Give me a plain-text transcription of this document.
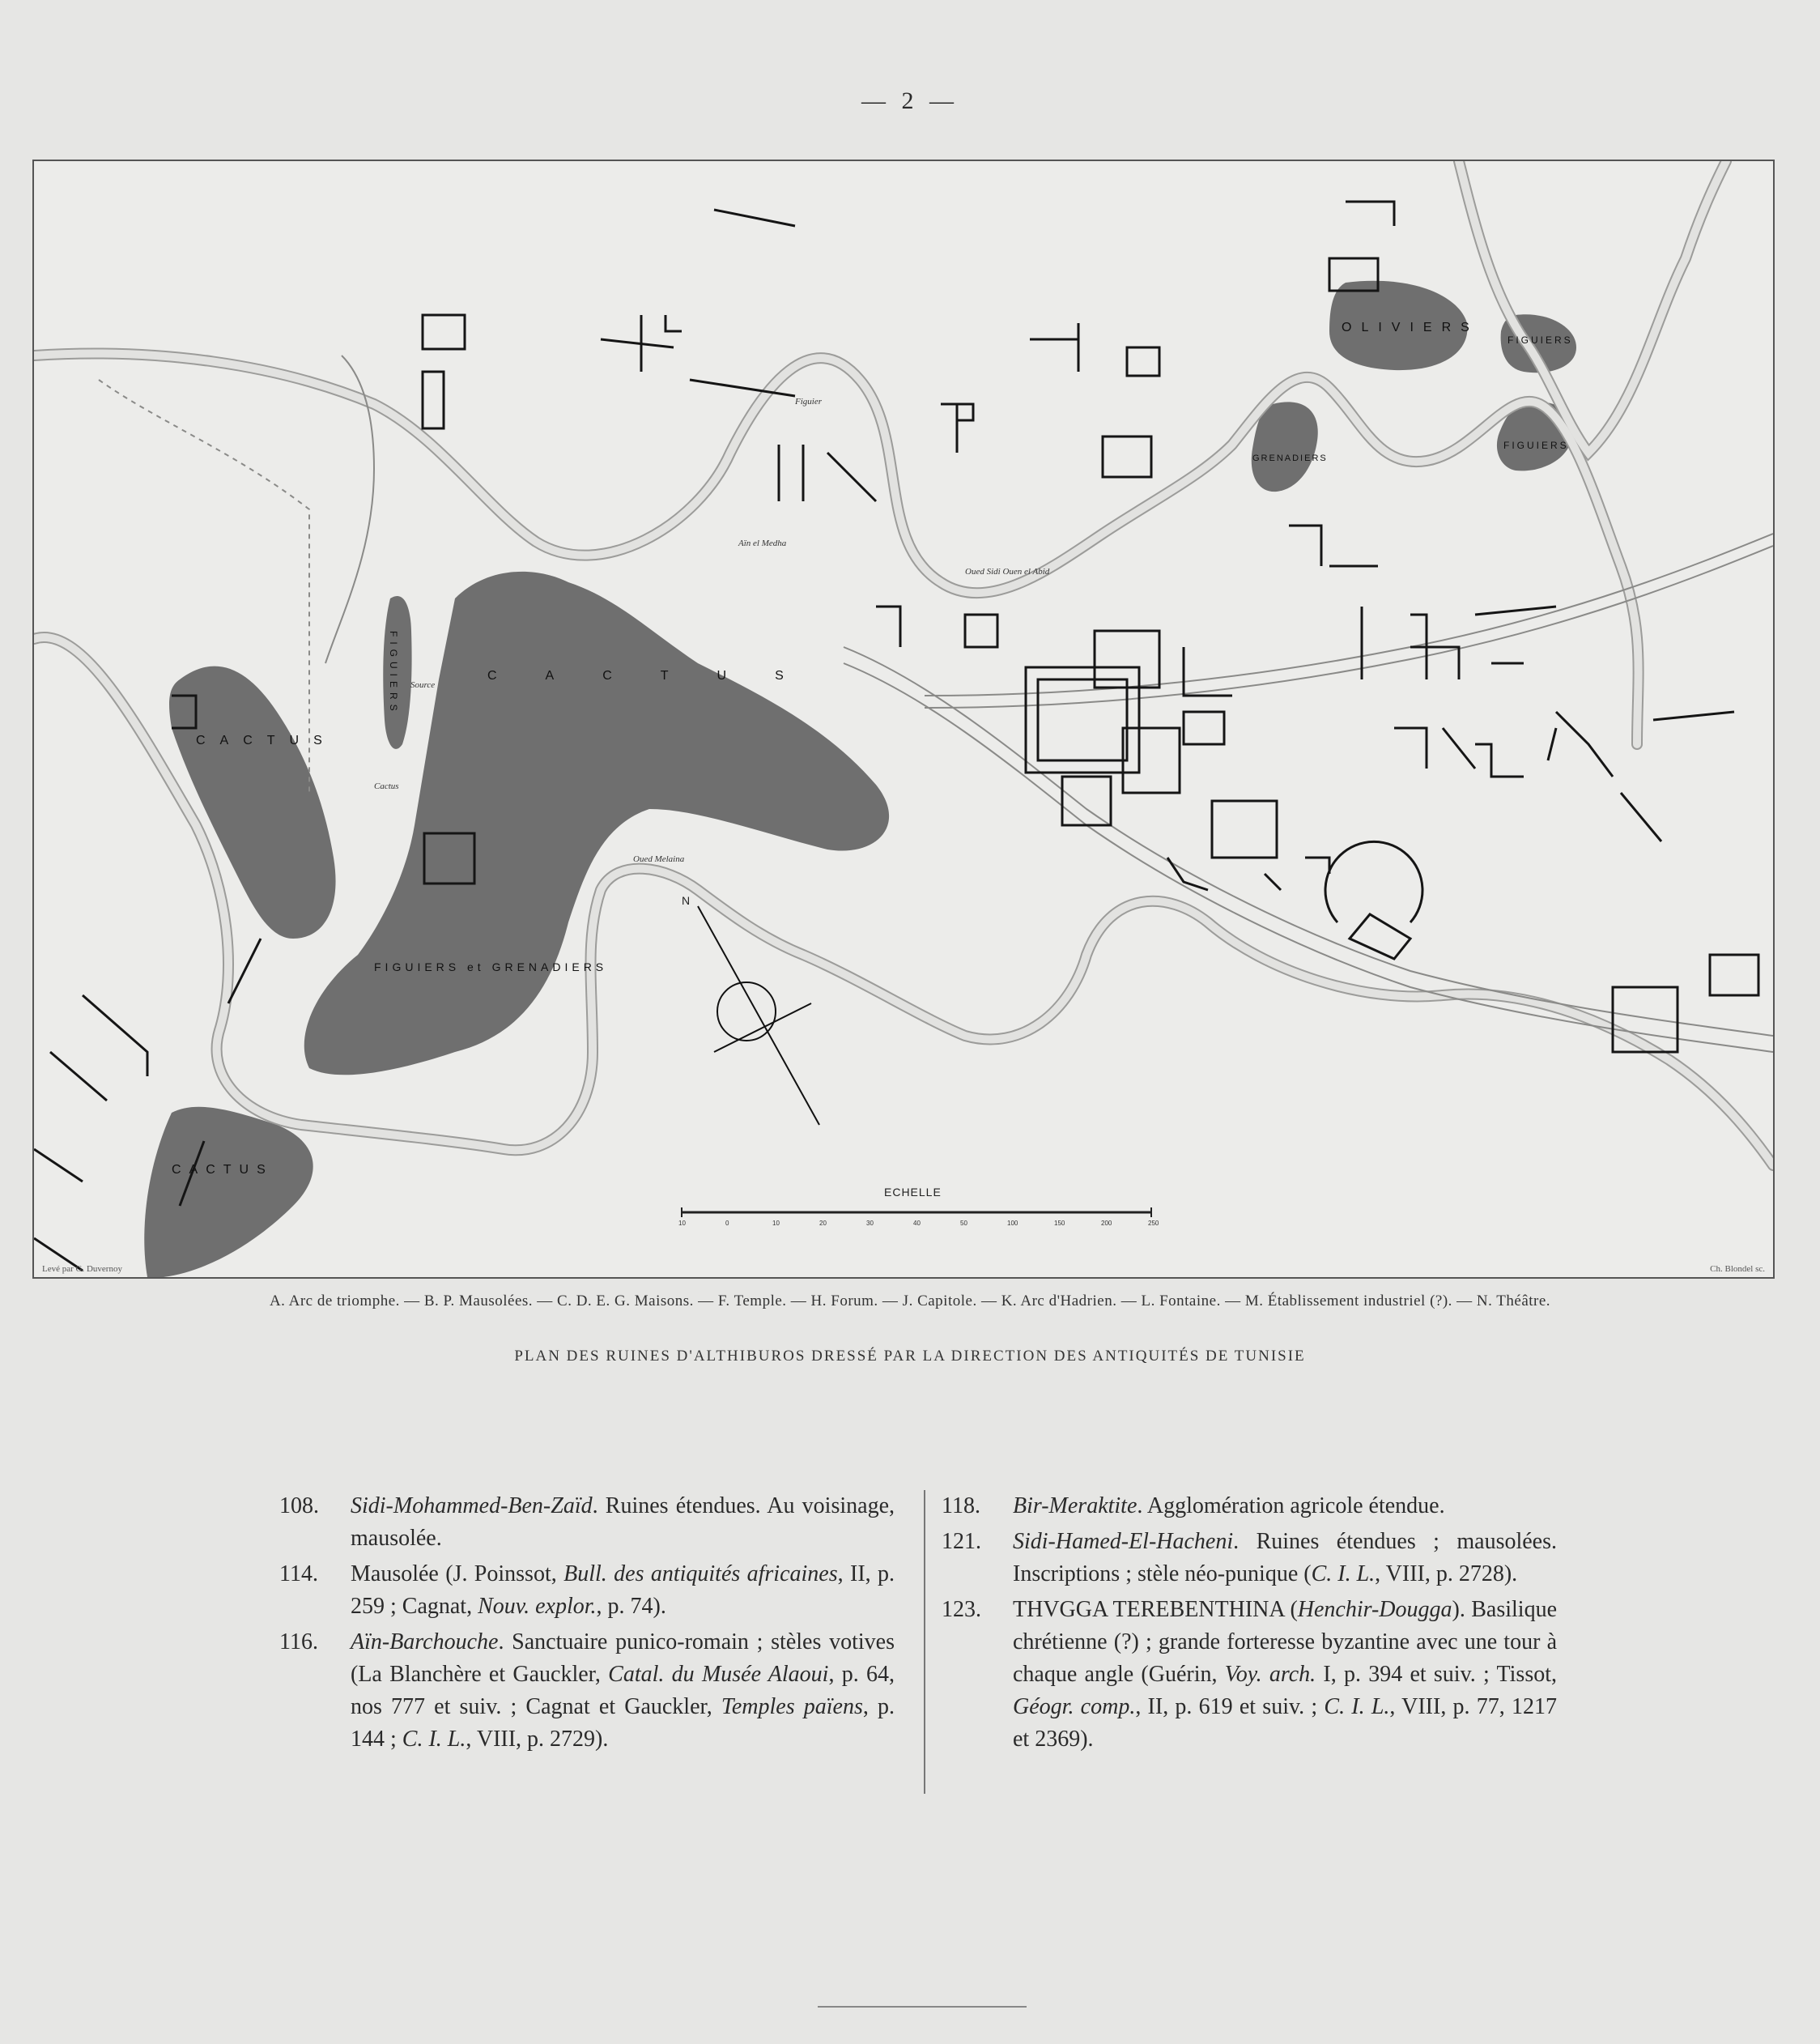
— 2 —
N
OLIVIERS
FIGUIERS
FIGUIERS
GRENADIERS
FIGUIERS	CACTUS
CACTUS
CACTUS
FIGUIERS et GRENADIERS
Oued Sidi Ouen el Abid
Oued Melaina
Figuier
Aïn el Medha
Source
Cactus
ECHELLE
10	0	10	20	30	40	50	100	150	200	250
Levé par G. Duvernoy	Ch. Blondel sc.
A. Arc de triomphe. — B. P. Mausolées. — C. D. E. G. Maisons. — F. Temple. — H. Forum. — J. Capitole. — K. Arc d'Hadrien. — L. Fontaine. — M. Établissement industriel (?). — N. Théâtre.
PLAN DES RUINES D'ALTHIBUROS DRESSÉ PAR LA DIRECTION DES ANTIQUITÉS DE TUNISIE
108. Sidi-Mohammed-Ben-Zaïd. Ruines étendues. Au voisinage, mausolée.
114. Mausolée (J. Poinssot, Bull. des antiquités africaines, II, p. 259 ; Cagnat, Nouv. explor., p. 74).
116. Aïn-Barchouche. Sanctuaire punico-romain ; stèles votives (La Blanchère et Gauckler, Catal. du Musée Alaoui, p. 64, nos 777 et suiv. ; Cagnat et Gauckler, Temples païens, p. 144 ; C. I. L., VIII, p. 2729).
118. Bir-Meraktite. Agglomération agricole étendue.
121. Sidi-Hamed-El-Hacheni. Ruines étendues ; mausolées. Inscriptions ; stèle néo-punique (C. I. L., VIII, p. 2728).
123. THVGGA TEREBENTHINA (Henchir-Dougga). Basilique chrétienne (?) ; grande forteresse byzantine avec une tour à chaque angle (Guérin, Voy. arch. I, p. 394 et suiv. ; Tissot, Géogr. comp., II, p. 619 et suiv. ; C. I. L., VIII, p. 77, 1217 et 2369).
